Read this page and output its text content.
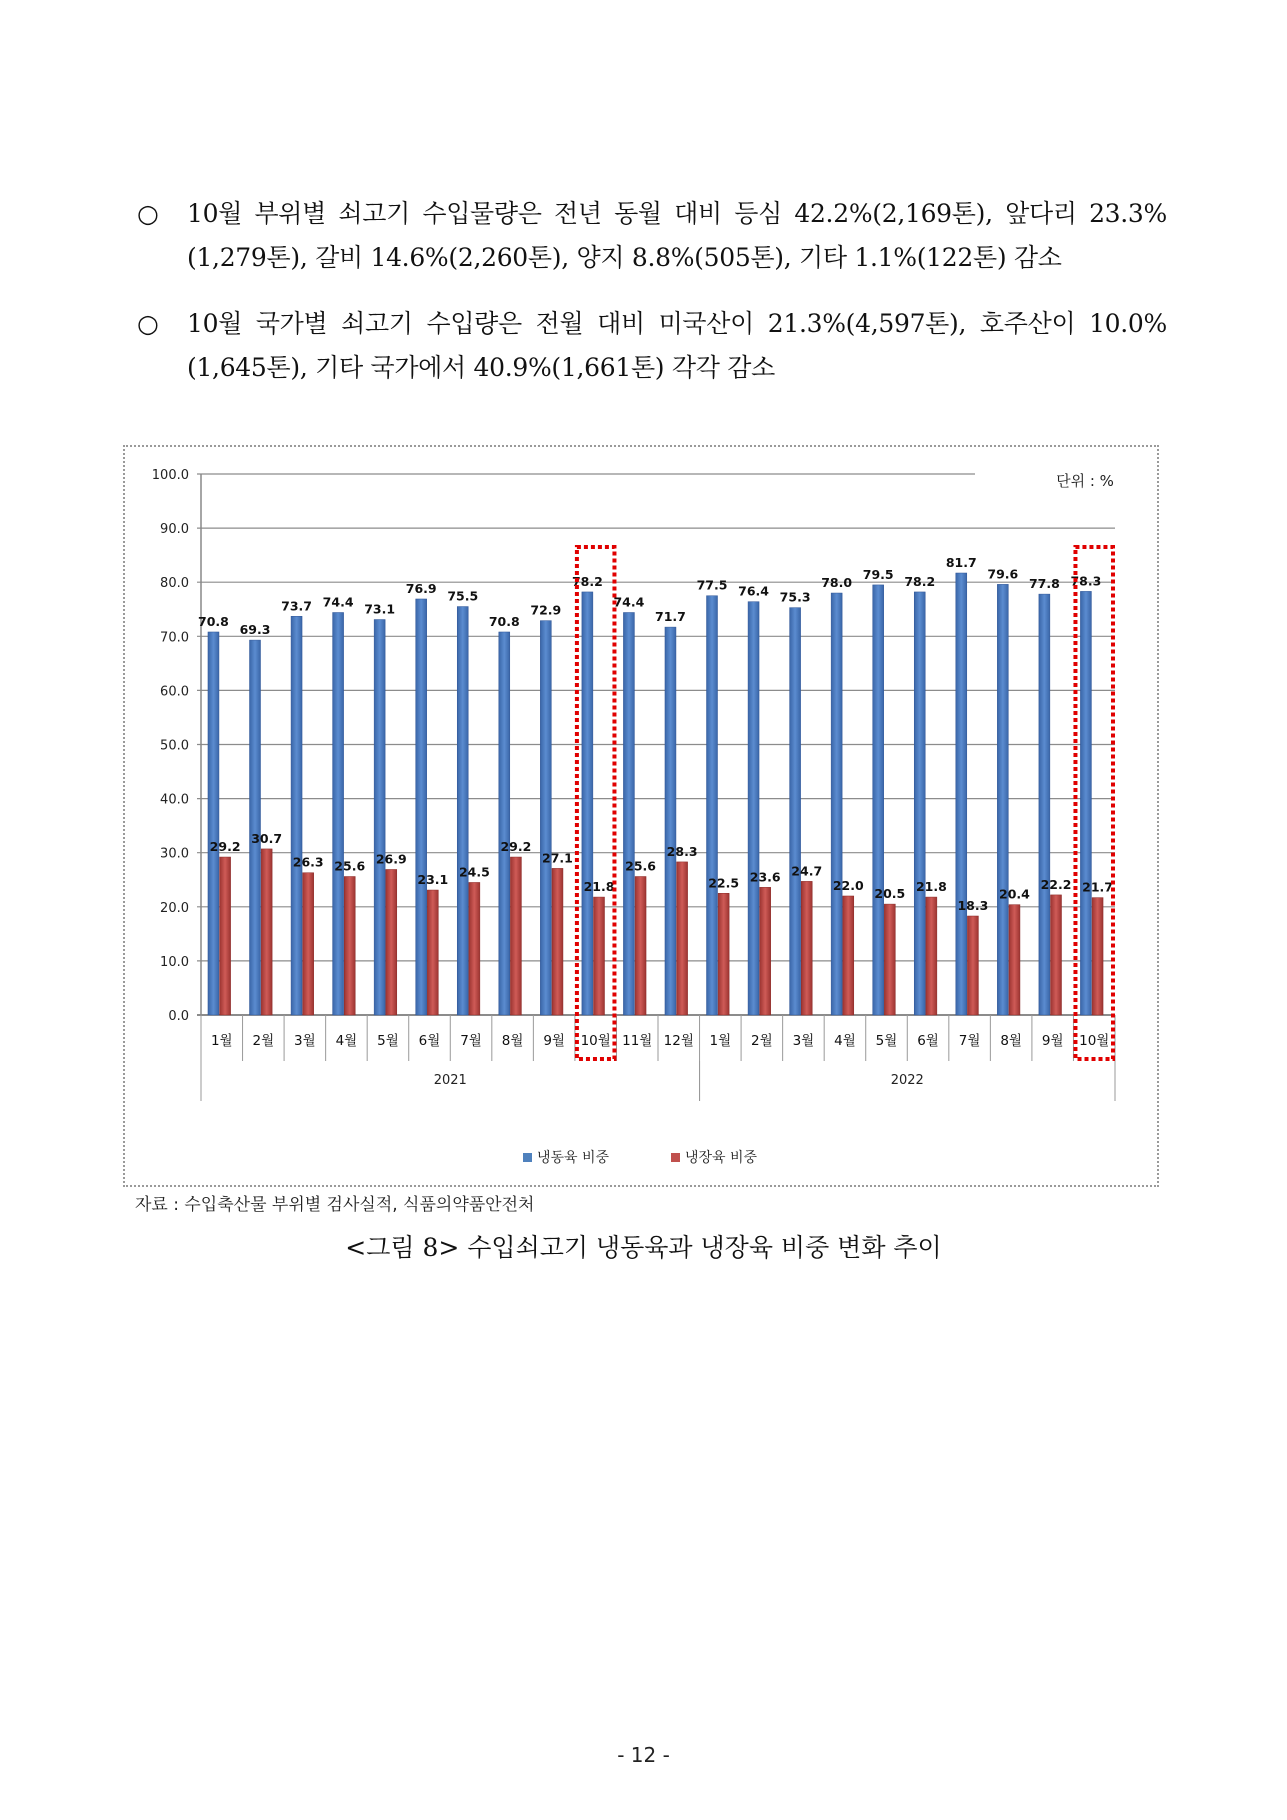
○	10월 부위별 쇠고기 수입물량은 전년 동월 대비 등심 42.2%(2,169톤), 앞다리 23.3%(1,279톤), 갈비 14.6%(2,260톤), 양지 8.8%(505톤), 기타 1.1%(122톤) 감소
○	10월 국가별 쇠고기 수입량은 전월 대비 미국산이 21.3%(4,597톤), 호주산이 10.0%(1,645톤), 기타 국가에서 40.9%(1,661톤) 각각 감소
0.0
10.0
20.0
30.0
40.0
50.0
60.0
70.0
80.0
90.0
100.0	단위 : %
70.8
29.2
1월
69.3
30.7
2월
73.7
26.3
3월
74.4
25.6
4월
73.1
26.9
5월
76.9
23.1
6월
75.5
24.5
7월
70.8
29.2
8월
72.9
27.1
9월
78.2
21.8
10월
74.4
25.6
11월
71.7
28.3
12월
77.5
22.5
1월
76.4
23.6
2월
75.3
24.7
3월
78.0
22.0
4월
79.5
20.5
5월
78.2
21.8
6월
81.7
18.3
7월
79.6
20.4
8월
77.8
22.2
9월
78.3
21.7
10월
2021	2022
냉동육 비중	냉장육 비중
자료 : 수입축산물 부위별 검사실적, 식품의약품안전처
<그림 8> 수입쇠고기 냉동육과 냉장육 비중 변화 추이
- 12 -
